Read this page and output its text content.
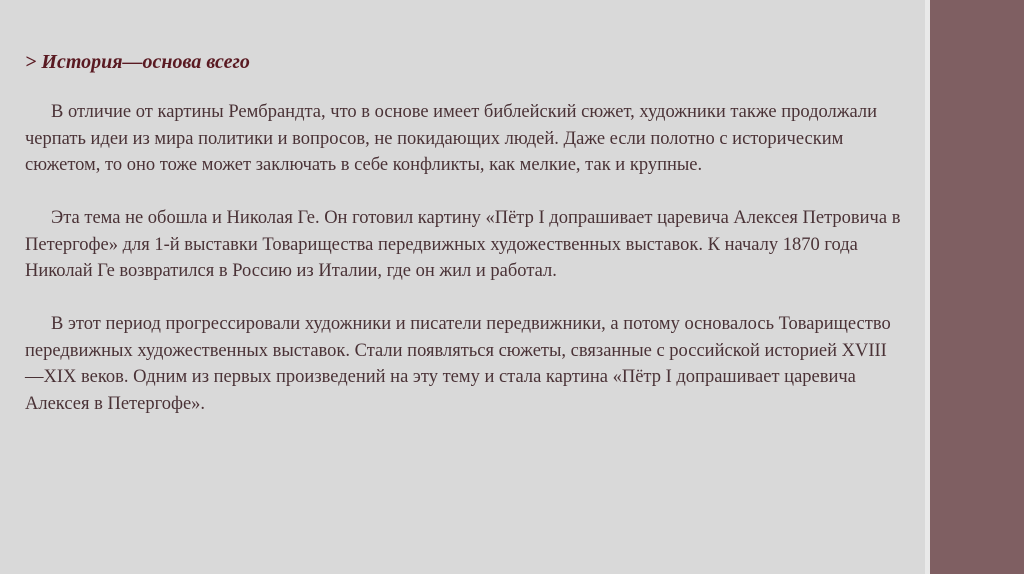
> История—основа всего

В отличие от картины Рембрандта, что в основе имеет библейский сюжет, художники также продолжали черпать идеи из мира политики и вопросов, не покидающих людей. Даже если полотно с историческим сюжетом, то оно тоже может заключать в себе конфликты, как мелкие, так и крупные.

Эта тема не обошла и Николая Ге. Он готовил картину «Пётр I допрашивает царевича Алексея Петровича в Петергофе» для 1-й выставки Товарищества передвижных художественных выставок. К началу 1870 года Николай Ге возвратился в Россию из Италии, где он жил и работал.

В этот период прогрессировали художники и писатели передвижники, а потому основалось Товарищество передвижных художественных выставок. Стали появляться сюжеты, связанные с российской историей XVIII—XIX веков. Одним из первых произведений на эту тему и стала картина «Пётр I допрашивает царевича Алексея в Петергофе».
